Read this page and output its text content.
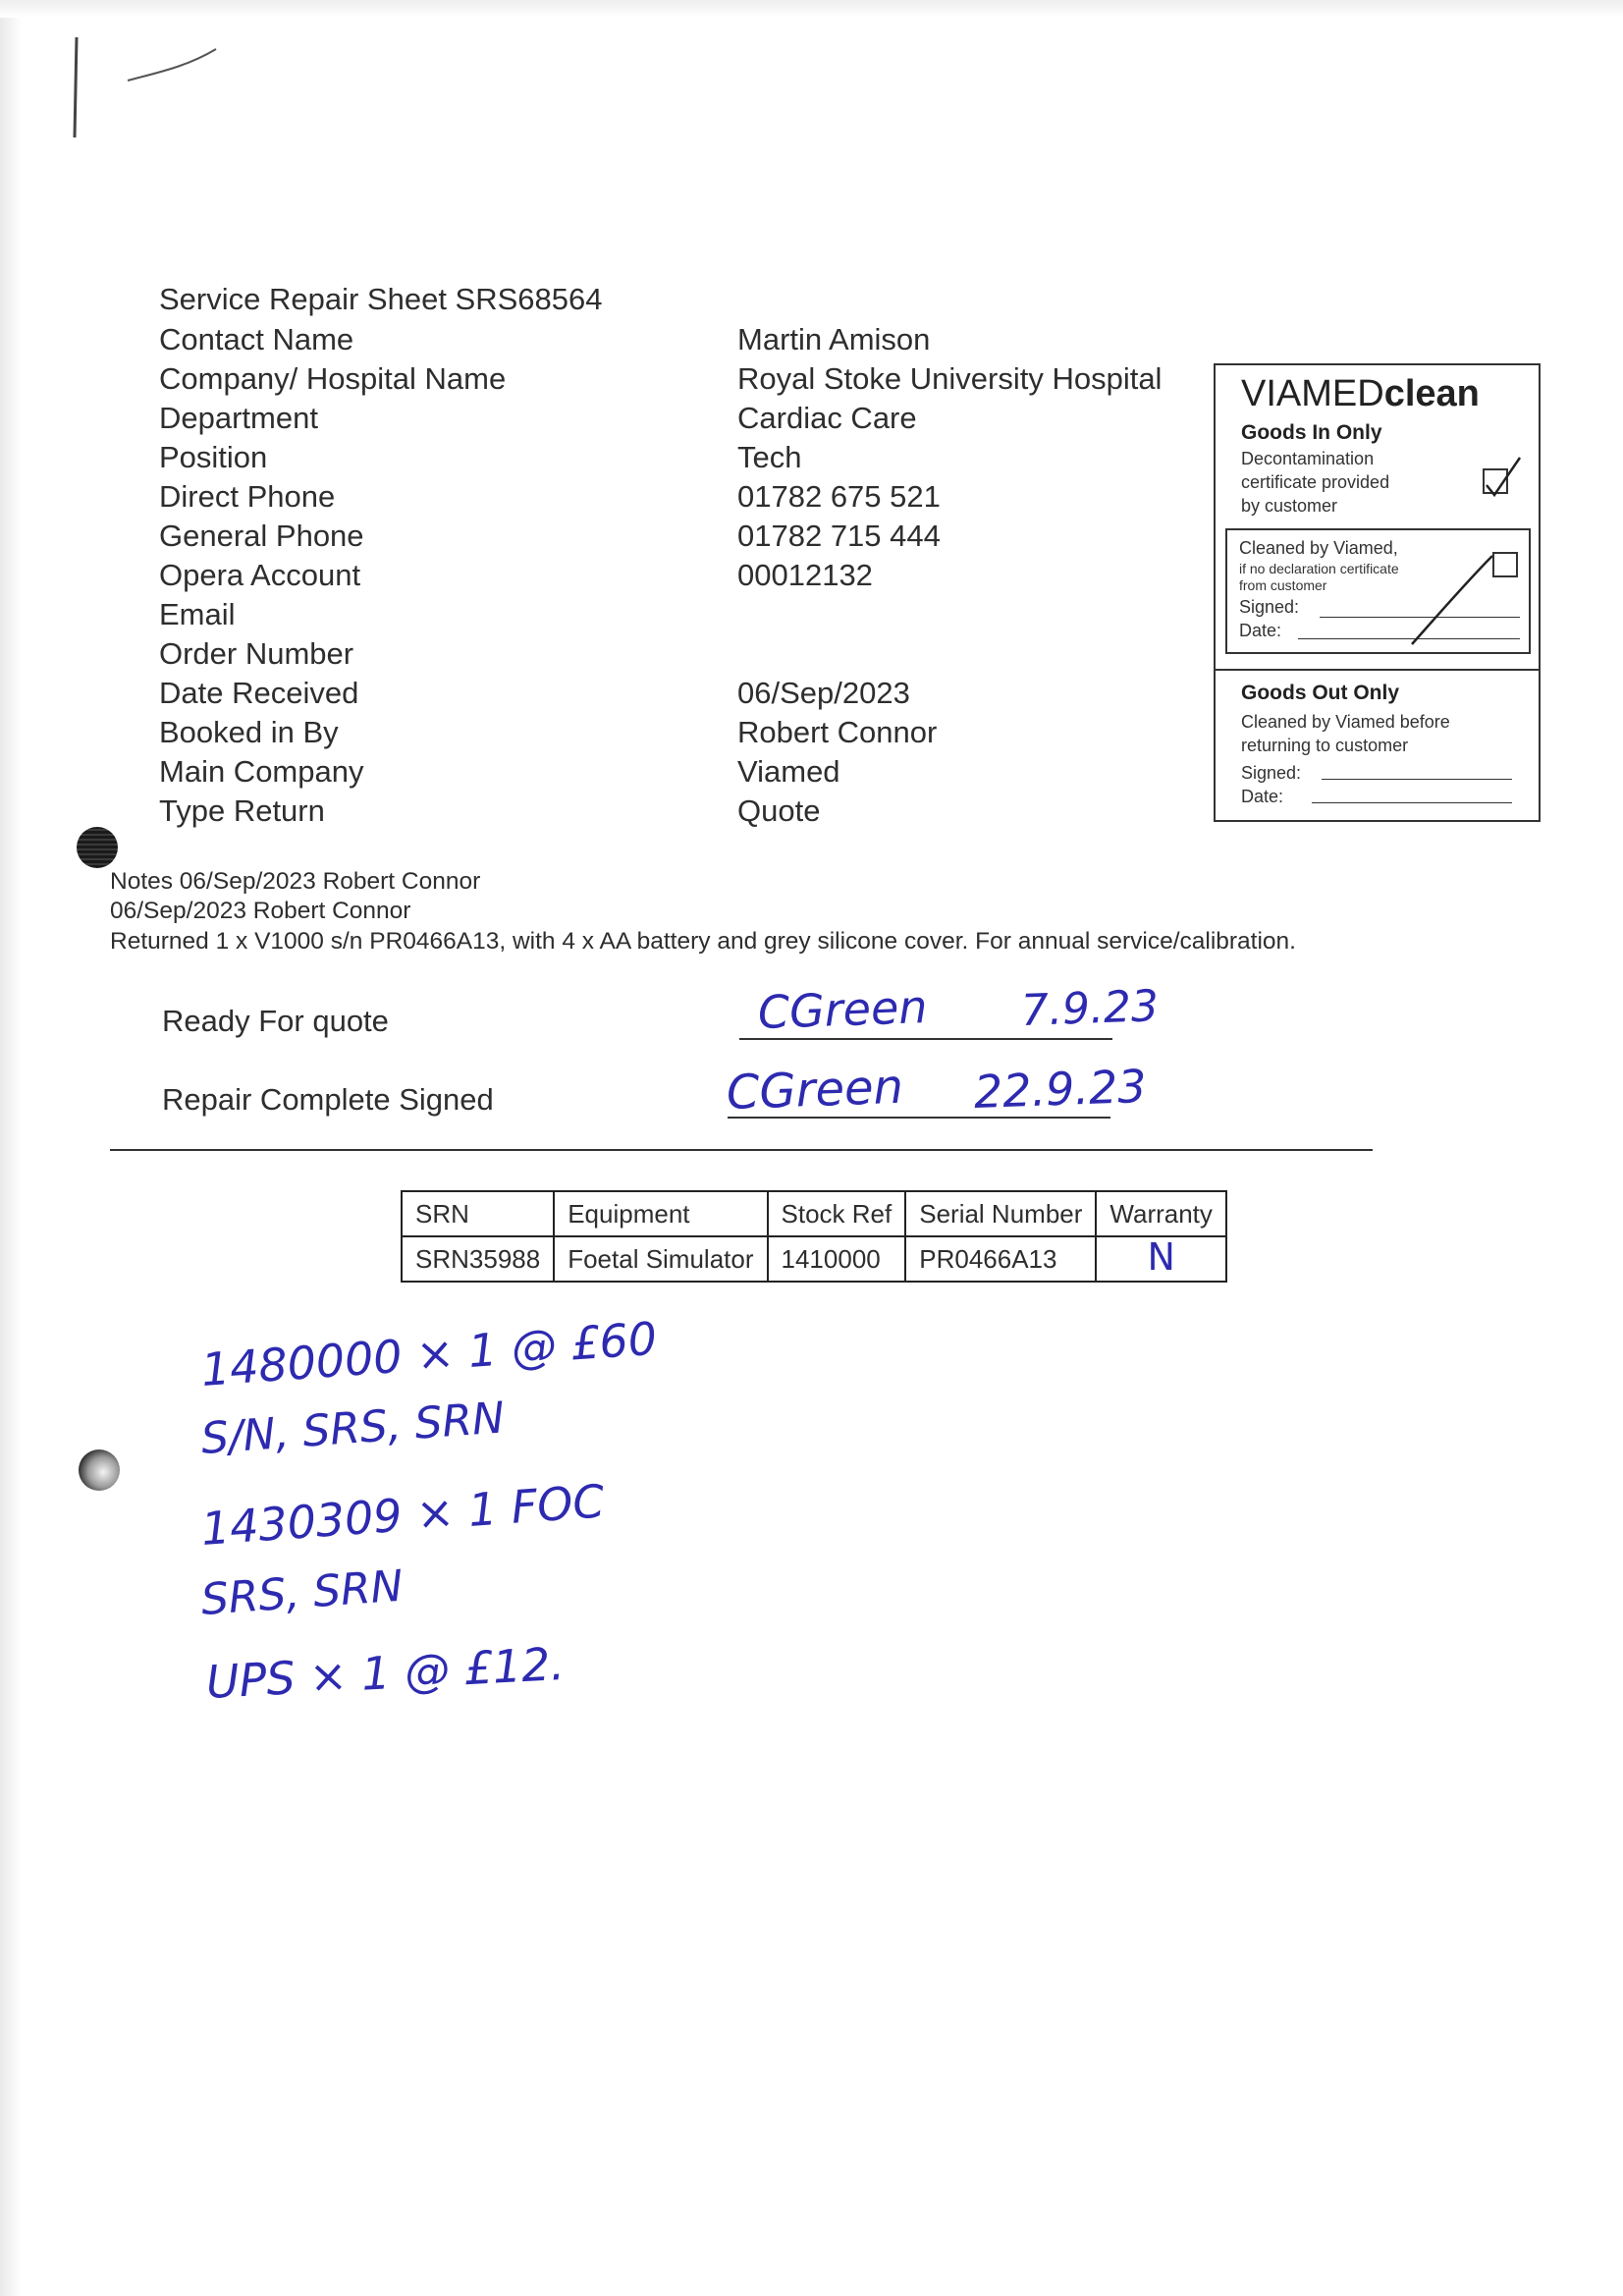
Service Repair Sheet SRS68564
Contact Name	Martin Amison
Company/ Hospital Name	Royal Stoke University Hospital
Department	Cardiac Care
Position	Tech
Direct Phone	01782 675 521
General Phone	01782 715 444
Opera Account	00012132
Email
Order Number
Date Received	06/Sep/2023
Booked in By	Robert Connor
Main Company	Viamed
Type Return	Quote
VIAMEDclean
Goods In Only
Decontamination
certificate provided
by customer
Cleaned by Viamed,
if no declaration certificate
from customer
Signed:
Date:
Goods Out Only
Cleaned by Viamed before
returning to customer
Signed:
Date:
Notes 06/Sep/2023 Robert Connor
06/Sep/2023 Robert Connor
Returned 1 x V1000 s/n PR0466A13, with 4 x AA battery and grey silicone cover. For annual service/calibration.
Ready For quote	CGreen 7.9.23
Repair Complete Signed	CGreen 22.9.23
SRN	Equipment	Stock Ref	Serial Number	Warranty
SRN35988	Foetal Simulator	1410000	PR0466A13	N
1480000 × 1 @ £60
S/N, SRS, SRN
1430309 × 1 FOC
SRS, SRN
UPS × 1 @ £12.
